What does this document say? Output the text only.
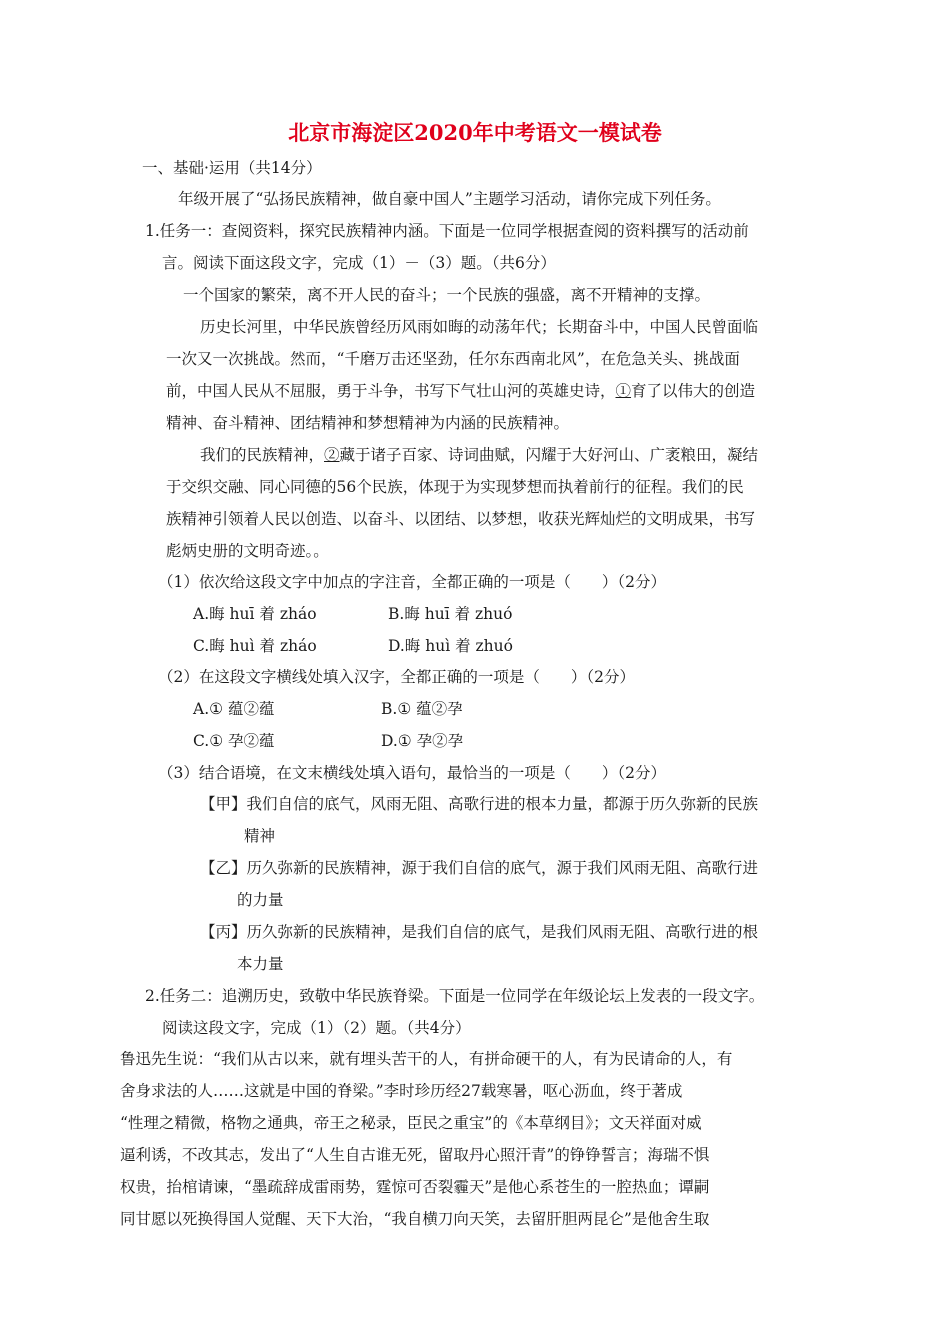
北京市海淀区2020年中考语文一模试卷
一、基础·运用（共14分）
年级开展了“弘扬民族精神，做自豪中国人”主题学习活动，请你完成下列任务。
1.任务一：查阅资料，探究民族精神内涵。下面是一位同学根据查阅的资料撰写的活动前
言。阅读下面这段文字，完成（1）－（3）题。（共6分）
一个国家的繁荣，离不开人民的奋斗；一个民族的强盛，离不开精神的支撑。
历史长河里，中华民族曾经历风雨如晦的动荡年代；长期奋斗中，中国人民曾面临
一次又一次挑战。然而，“千磨万击还坚劲，任尔东西南北风”，在危急关头、挑战面
前，中国人民从不屈服，勇于斗争，书写下气壮山河的英雄史诗，①育了以伟大的创造
精神、奋斗精神、团结精神和梦想精神为内涵的民族精神。
我们的民族精神，②藏于诸子百家、诗词曲赋，闪耀于大好河山、广袤粮田，凝结
于交织交融、同心同德的56个民族，体现于为实现梦想而执着前行的征程。我们的民
族精神引领着人民以创造、以奋斗、以团结、以梦想，收获光辉灿烂的文明成果，书写
彪炳史册的文明奇迹。。
（1）依次给这段文字中加点的字注音，全都正确的一项是（　　）（2分）
A.晦 huī 着 zháo	B.晦 huī 着 zhuó
C.晦 huì 着 zháo	D.晦 huì 着 zhuó
（2）在这段文字横线处填入汉字，全都正确的一项是（　　）（2分）
A.① 蕴②蕴	B.① 蕴②孕
C.① 孕②蕴	D.① 孕②孕
（3）结合语境，在文末横线处填入语句，最恰当的一项是（　　）（2分）
【甲】我们自信的底气，风雨无阻、高歌行进的根本力量，都源于历久弥新的民族
精神
【乙】历久弥新的民族精神，源于我们自信的底气，源于我们风雨无阻、高歌行进
的力量
【丙】历久弥新的民族精神，是我们自信的底气，是我们风雨无阻、高歌行进的根
本力量
2.任务二：追溯历史，致敬中华民族脊梁。下面是一位同学在年级论坛上发表的一段文字。
阅读这段文字，完成（1）（2）题。（共4分）
鲁迅先生说：“我们从古以来，就有埋头苦干的人，有拼命硬干的人，有为民请命的人，有
舍身求法的人……这就是中国的脊梁。”李时珍历经27载寒暑，呕心沥血，终于著成
“性理之精微，格物之通典，帝王之秘录，臣民之重宝”的《本草纲目》；文天祥面对威
逼利诱，不改其志，发出了“人生自古谁无死，留取丹心照汗青”的铮铮誓言；海瑞不惧
权贵，抬棺请谏，“墨疏辞成雷雨势，霆惊可否裂霾天”是他心系苍生的一腔热血；谭嗣
同甘愿以死换得国人觉醒、天下大治，“我自横刀向天笑，去留肝胆两昆仑”是他舍生取
